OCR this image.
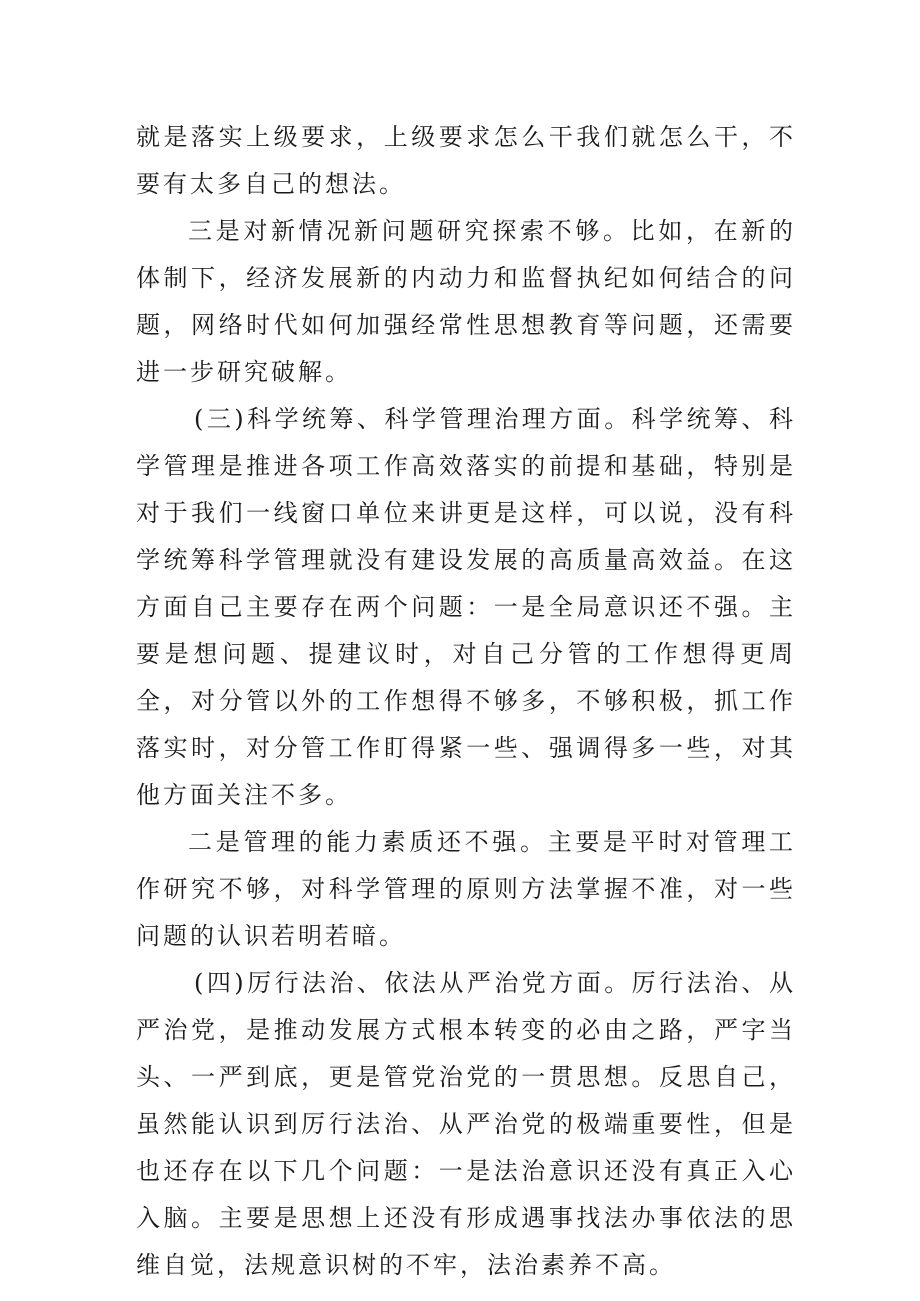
就是落实上级要求，上级要求怎么干我们就怎么干，不要有太多自己的想法。

三是对新情况新问题研究探索不够。比如，在新的体制下，经济发展新的内动力和监督执纪如何结合的问题，网络时代如何加强经常性思想教育等问题，还需要进一步研究破解。

(三)科学统筹、科学管理治理方面。科学统筹、科学管理是推进各项工作高效落实的前提和基础，特别是对于我们一线窗口单位来讲更是这样，可以说，没有科学统筹科学管理就没有建设发展的高质量高效益。在这方面自己主要存在两个问题：一是全局意识还不强。主要是想问题、提建议时，对自己分管的工作想得更周全，对分管以外的工作想得不够多，不够积极，抓工作落实时，对分管工作盯得紧一些、强调得多一些，对其他方面关注不多。

二是管理的能力素质还不强。主要是平时对管理工作研究不够，对科学管理的原则方法掌握不准，对一些问题的认识若明若暗。

(四)厉行法治、依法从严治党方面。厉行法治、从严治党，是推动发展方式根本转变的必由之路，严字当头、一严到底，更是管党治党的一贯思想。反思自己，虽然能认识到厉行法治、从严治党的极端重要性，但是也还存在以下几个问题：一是法治意识还没有真正入心入脑。主要是思想上还没有形成遇事找法办事依法的思维自觉，法规意识树的不牢，法治素养不高。
